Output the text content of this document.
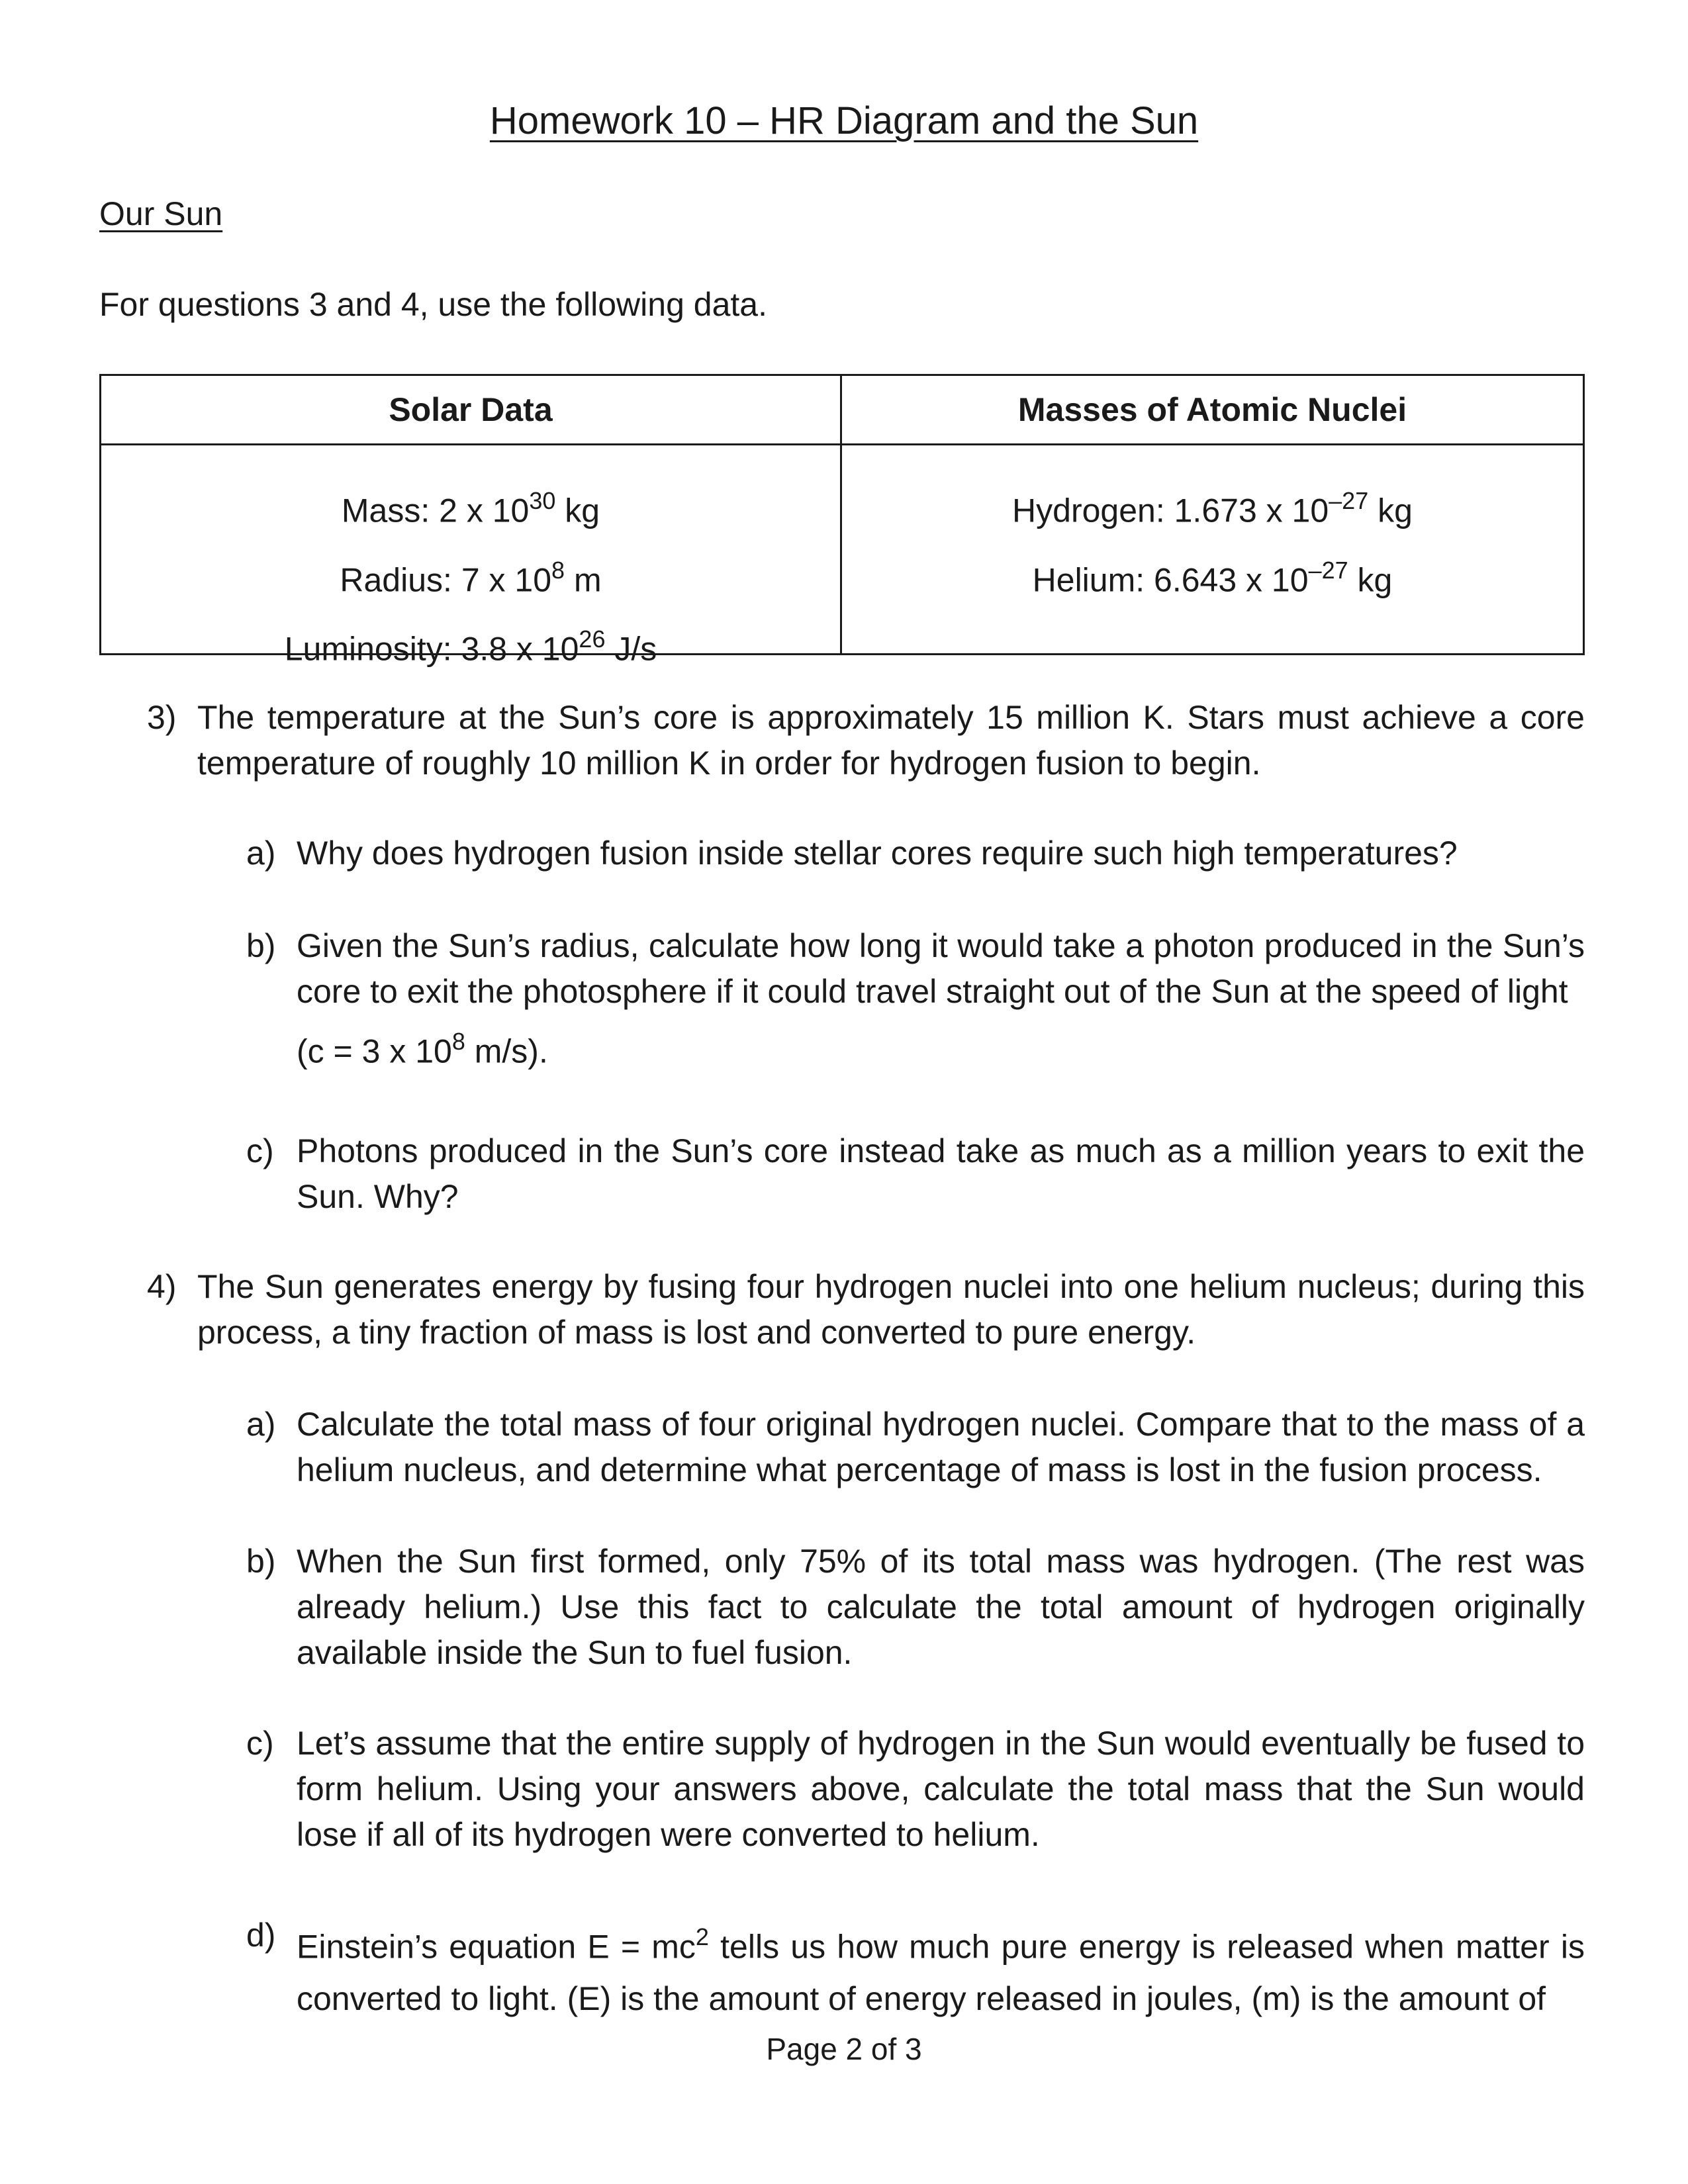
Homework 10 – HR Diagram and the Sun
Our Sun
For questions 3 and 4, use the following data.
Solar Data
Mass: 2 x $10^{30}$ kg
Radius: 7 x $10^8$ m
Luminosity: 3.8 x $10^{26}$ J/s
Masses of Atomic Nuclei
Hydrogen: 1.673 x $10^{-27}$ kg
Helium: 6.643 x $10^{-27}$ kg
3) The temperature at the Sun’s core is approximately 15 million K. Stars must achieve a core temperature of roughly 10 million K in order for hydrogen fusion to begin.
a) Why does hydrogen fusion inside stellar cores require such high temperatures?
b) Given the Sun’s radius, calculate how long it would take a photon produced in the Sun’s core to exit the photosphere if it could travel straight out of the Sun at the speed of light
(c = 3 x $10^8$ m/s).
c) Photons produced in the Sun’s core instead take as much as a million years to exit the Sun. Why?
4) The Sun generates energy by fusing four hydrogen nuclei into one helium nucleus; during this process, a tiny fraction of mass is lost and converted to pure energy.
a) Calculate the total mass of four original hydrogen nuclei. Compare that to the mass of a helium nucleus, and determine what percentage of mass is lost in the fusion process.
b) When the Sun first formed, only 75% of its total mass was hydrogen. (The rest was already helium.) Use this fact to calculate the total amount of hydrogen originally available inside the Sun to fuel fusion.
c) Let’s assume that the entire supply of hydrogen in the Sun would eventually be fused to form helium. Using your answers above, calculate the total mass that the Sun would lose if all of its hydrogen were converted to helium.
d) Einstein’s equation $E = mc^2$ tells us how much pure energy is released when matter is converted to light. (E) is the amount of energy released in joules, (m) is the amount of
Page 2 of 3
